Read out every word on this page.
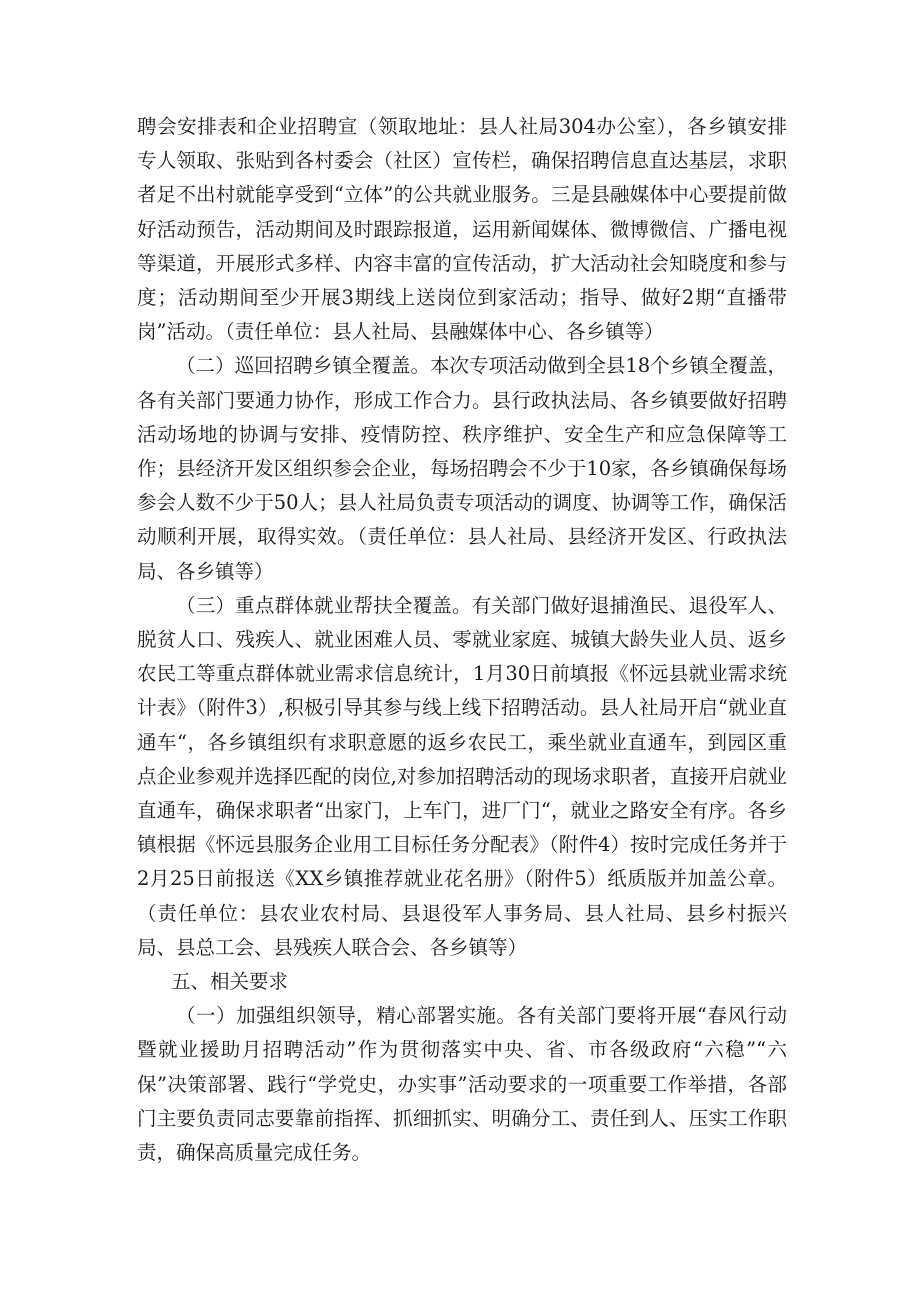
聘会安排表和企业招聘宣（领取地址：县人社局304办公室），各乡镇安排专人领取、张贴到各村委会（社区）宣传栏，确保招聘信息直达基层，求职者足不出村就能享受到“立体”的公共就业服务。三是县融媒体中心要提前做好活动预告，活动期间及时跟踪报道，运用新闻媒体、微博微信、广播电视等渠道，开展形式多样、内容丰富的宣传活动，扩大活动社会知晓度和参与度；活动期间至少开展3期线上送岗位到家活动；指导、做好2期“直播带岗”活动。（责任单位：县人社局、县融媒体中心、各乡镇等）

（二）巡回招聘乡镇全覆盖。本次专项活动做到全县18个乡镇全覆盖，各有关部门要通力协作，形成工作合力。县行政执法局、各乡镇要做好招聘活动场地的协调与安排、疫情防控、秩序维护、安全生产和应急保障等工作；县经济开发区组织参会企业，每场招聘会不少于10家，各乡镇确保每场参会人数不少于50人；县人社局负责专项活动的调度、协调等工作，确保活动顺利开展，取得实效。（责任单位：县人社局、县经济开发区、行政执法局、各乡镇等）

（三）重点群体就业帮扶全覆盖。有关部门做好退捕渔民、退役军人、脱贫人口、残疾人、就业困难人员、零就业家庭、城镇大龄失业人员、返乡农民工等重点群体就业需求信息统计，1月30日前填报《怀远县就业需求统计表》（附件3）,积极引导其参与线上线下招聘活动。县人社局开启“就业直通车“，各乡镇组织有求职意愿的返乡农民工，乘坐就业直通车，到园区重点企业参观并选择匹配的岗位,对参加招聘活动的现场求职者，直接开启就业直通车，确保求职者“出家门，上车门，进厂门“，就业之路安全有序。各乡镇根据《怀远县服务企业用工目标任务分配表》（附件4）按时完成任务并于2月25日前报送《XX乡镇推荐就业花名册》（附件5）纸质版并加盖公章。（责任单位：县农业农村局、县退役军人事务局、县人社局、县乡村振兴局、县总工会、县残疾人联合会、各乡镇等）

五、相关要求

（一）加强组织领导，精心部署实施。各有关部门要将开展“春风行动暨就业援助月招聘活动”作为贯彻落实中央、省、市各级政府“六稳”“六保”决策部署、践行“学党史，办实事”活动要求的一项重要工作举措，各部门主要负责同志要靠前指挥、抓细抓实、明确分工、责任到人、压实工作职责，确保高质量完成任务。
